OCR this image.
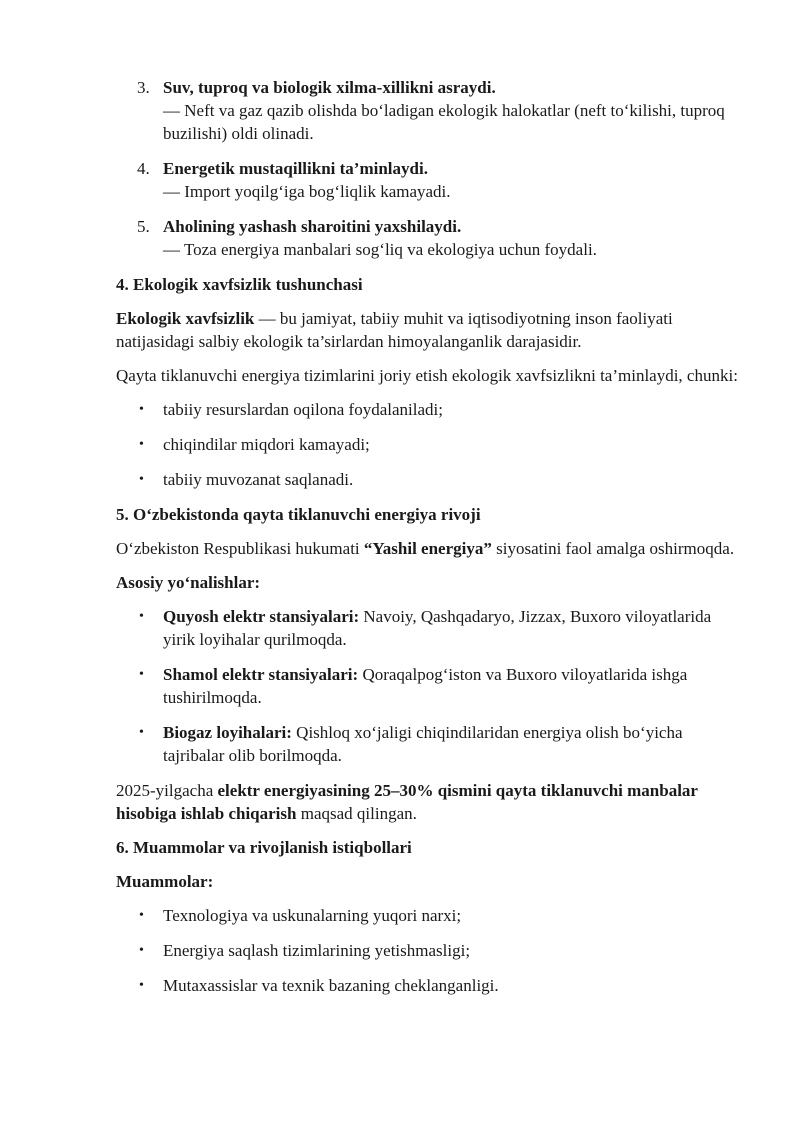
3. Suv, tuproq va biologik xilma-xillikni asraydi.
— Neft va gaz qazib olishda bo‘ladigan ekologik halokatlar (neft to‘kilishi, tuproq buzilishi) oldi olinadi.
4. Energetik mustaqillikni ta’minlaydi.
— Import yoqilg‘iga bog‘liqlik kamayadi.
5. Aholining yashash sharoitini yaxshilaydi.
— Toza energiya manbalari sog‘liq va ekologiya uchun foydali.
4. Ekologik xavfsizlik tushunchasi

Ekologik xavfsizlik — bu jamiyat, tabiiy muhit va iqtisodiyotning inson faoliyati natijasidagi salbiy ekologik ta’sirlardan himoyalanganlik darajasidir.

Qayta tiklanuvchi energiya tizimlarini joriy etish ekologik xavfsizlikni ta’minlaydi, chunki:

• tabiiy resurslardan oqilona foydalaniladi;
• chiqindilar miqdori kamayadi;
• tabiiy muvozanat saqlanadi.
5. O‘zbekistonda qayta tiklanuvchi energiya rivoji

O‘zbekiston Respublikasi hukumati “Yashil energiya” siyosatini faol amalga oshirmoqda.

Asosiy yo‘nalishlar:

• Quyosh elektr stansiyalari: Navoiy, Qashqadaryo, Jizzax, Buxoro viloyatlarida yirik loyihalar qurilmoqda.
• Shamol elektr stansiyalari: Qoraqalpog‘iston va Buxoro viloyatlarida ishga tushirilmoqda.
• Biogaz loyihalari: Qishloq xo‘jaligi chiqindilaridan energiya olish bo‘yicha tajribalar olib borilmoqda.

2025-yilgacha elektr energiyasining 25–30% qismini qayta tiklanuvchi manbalar hisobiga ishlab chiqarish maqsad qilingan.

6. Muammolar va rivojlanish istiqbollari

Muammolar:

• Texnologiya va uskunalarning yuqori narxi;
• Energiya saqlash tizimlarining yetishmasligi;
• Mutaxassislar va texnik bazaning cheklanganligi.
